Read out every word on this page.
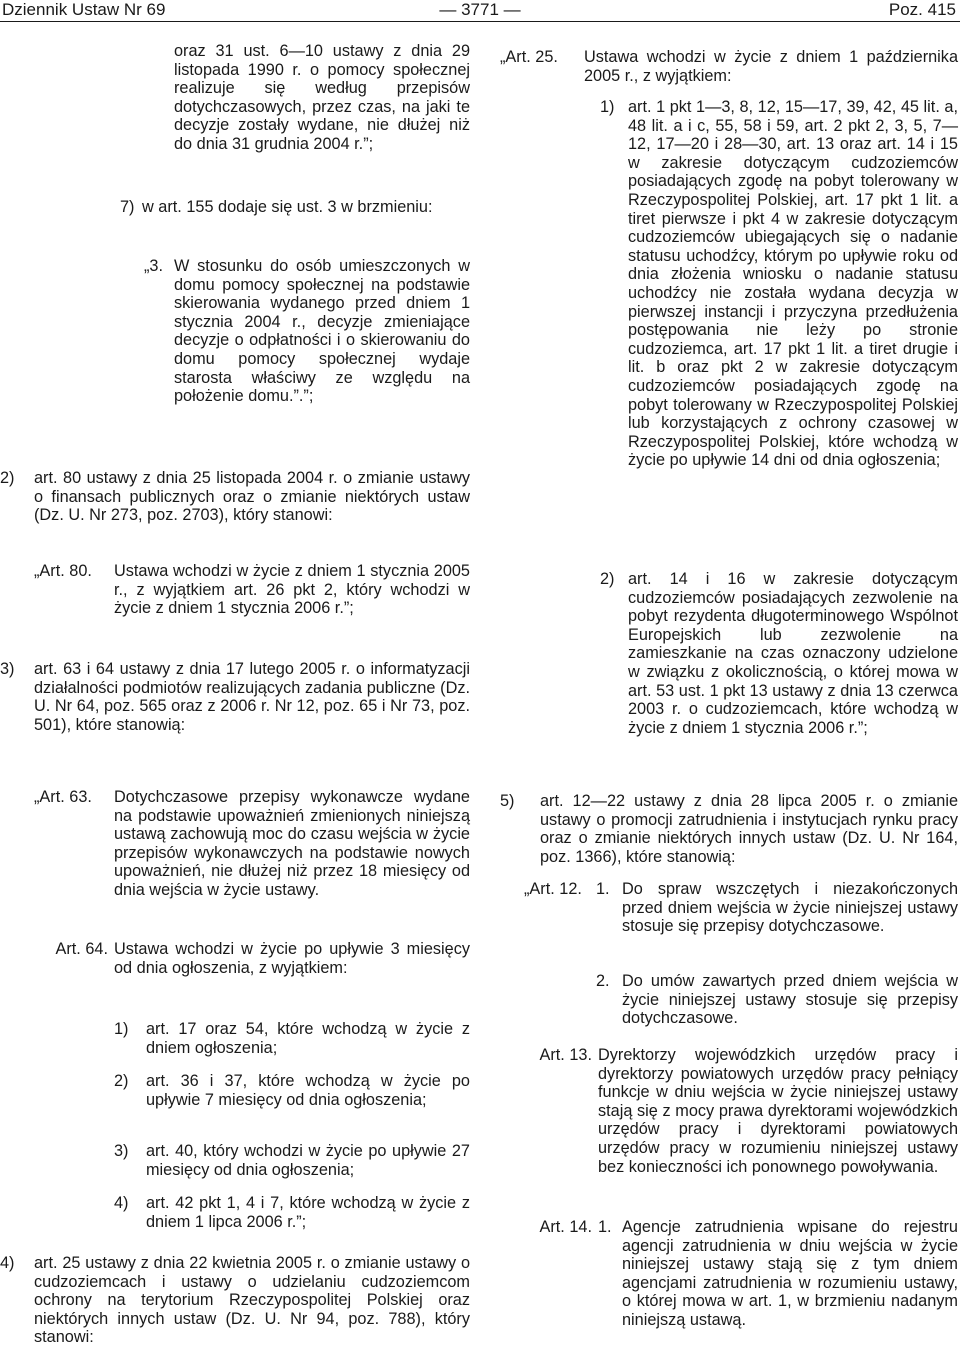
— 3771 —
Dziennik Ustaw Nr 69	Poz. 415

oraz 31 ust. 6—10 ustawy z dnia 29 listopada 1990 r. o pomocy społecznej realizuje się według przepisów dotychczasowych, przez czas, na jaki te decyzje zostały wydane, nie dłużej niż do dnia 31 grudnia 2004 r.”;

7) w art. 155 dodaje się ust. 3 w brzmieniu:
„3. W stosunku do osób umieszczonych w domu pomocy społecznej na podstawie skierowania wydanego przed dniem 1 stycznia 2004 r., decyzje zmieniające decyzje o odpłatności i o skierowaniu do domu pomocy społecznej wydaje starosta właściwy ze względu na położenie domu.”.”;
2)	art. 80 ustawy z dnia 25 listopada 2004 r. o zmianie ustawy o finansach publicznych oraz o zmianie niektórych ustaw (Dz. U. Nr 273, poz. 2703), który stanowi:
„Art. 80.	Ustawa wchodzi w życie z dniem 1 stycznia 2005 r., z wyjątkiem art. 26 pkt 2, który wchodzi w życie z dniem 1 stycznia 2006 r.”;
3)	art. 63 i 64 ustawy z dnia 17 lutego 2005 r. o informatyzacji działalności podmiotów realizujących zadania publiczne (Dz. U. Nr 64, poz. 565 oraz z 2006 r. Nr 12, poz. 65 i Nr 73, poz. 501), które stanowią:
„Art. 63.	Dotychczasowe przepisy wykonawcze wydane na podstawie upoważnień zmienionych niniejszą ustawą zachowują moc do czasu wejścia w życie przepisów wykonawczych na podstawie nowych upoważnień, nie dłużej niż przez 18 miesięcy od dnia wejścia w życie ustawy.
Art. 64. Ustawa wchodzi w życie po upływie 3 miesięcy od dnia ogłoszenia, z wyjątkiem:
1)	art. 17 oraz 54, które wchodzą w życie z dniem ogłoszenia;
2)	art. 36 i 37, które wchodzą w życie po upływie 7 miesięcy od dnia ogłoszenia;
3)	art. 40, który wchodzi w życie po upływie 27 miesięcy od dnia ogłoszenia;
4)	art. 42 pkt 1, 4 i 7, które wchodzą w życie z dniem 1 lipca 2006 r.”;
4)	art. 25 ustawy z dnia 22 kwietnia 2005 r. o zmianie ustawy o cudzoziemcach i ustawy o udzielaniu cudzoziemcom ochrony na terytorium Rzeczypospolitej Polskiej oraz niektórych innych ustaw (Dz. U. Nr 94, poz. 788), który stanowi:
„Art. 25.	Ustawa wchodzi w życie z dniem 1 października 2005 r., z wyjątkiem:
1) art. 1 pkt 1—3, 8, 12, 15—17, 39, 42, 45 lit. a, 48 lit. a i c, 55, 58 i 59, art. 2 pkt 2, 3, 5, 7—12, 17—20 i 28—30, art. 13 oraz art. 14 i 15 w zakresie dotyczącym cudzoziemców posiadających zgodę na pobyt tolerowany w Rzeczypospolitej Polskiej, art. 17 pkt 1 lit. a tiret pierwsze i pkt 4 w zakresie dotyczącym cudzoziemców ubiegających się o nadanie statusu uchodźcy, którym po upływie roku od dnia złożenia wniosku o nadanie statusu uchodźcy nie została wydana decyzja w pierwszej instancji i przyczyna przedłużenia postępowania nie leży po stronie cudzoziemca, art. 17 pkt 1 lit. a tiret drugie i lit. b oraz pkt 2 w zakresie dotyczącym cudzoziemców posiadających zgodę na pobyt tolerowany w Rzeczypospolitej Polskiej lub korzystających z ochrony czasowej w Rzeczypospolitej Polskiej, które wchodzą w życie po upływie 14 dni od dnia ogłoszenia;
2) art. 14 i 16 w zakresie dotyczącym cudzoziemców posiadających zezwolenie na pobyt rezydenta długoterminowego Wspólnot Europejskich lub zezwolenie na zamieszkanie na czas oznaczony udzielone w związku z okolicznością, o której mowa w art. 53 ust. 1 pkt 13 ustawy z dnia 13 czerwca 2003 r. o cudzoziemcach, które wchodzą w życie z dniem 1 stycznia 2006 r.”;
5)	art. 12—22 ustawy z dnia 28 lipca 2005 r. o zmianie ustawy o promocji zatrudnienia i instytucjach rynku pracy oraz o zmianie niektórych innych ustaw (Dz. U. Nr 164, poz. 1366), które stanowią:
„Art. 12. 1. Do spraw wszczętych i niezakończonych przed dniem wejścia w życie niniejszej ustawy stosuje się przepisy dotychczasowe.
2. Do umów zawartych przed dniem wejścia w życie niniejszej ustawy stosuje się przepisy dotychczasowe.
Art. 13. Dyrektorzy wojewódzkich urzędów pracy i dyrektorzy powiatowych urzędów pracy pełniący funkcje w dniu wejścia w życie niniejszej ustawy stają się z mocy prawa dyrektorami wojewódzkich urzędów pracy i dyrektorami powiatowych urzędów pracy w rozumieniu niniejszej ustawy bez konieczności ich ponownego powoływania.
Art. 14. 1. Agencje zatrudnienia wpisane do rejestru agencji zatrudnienia w dniu wejścia w życie niniejszej ustawy stają się z tym dniem agencjami zatrudnienia w rozumieniu ustawy, o której mowa w art. 1, w brzmieniu nadanym niniejszą ustawą.
